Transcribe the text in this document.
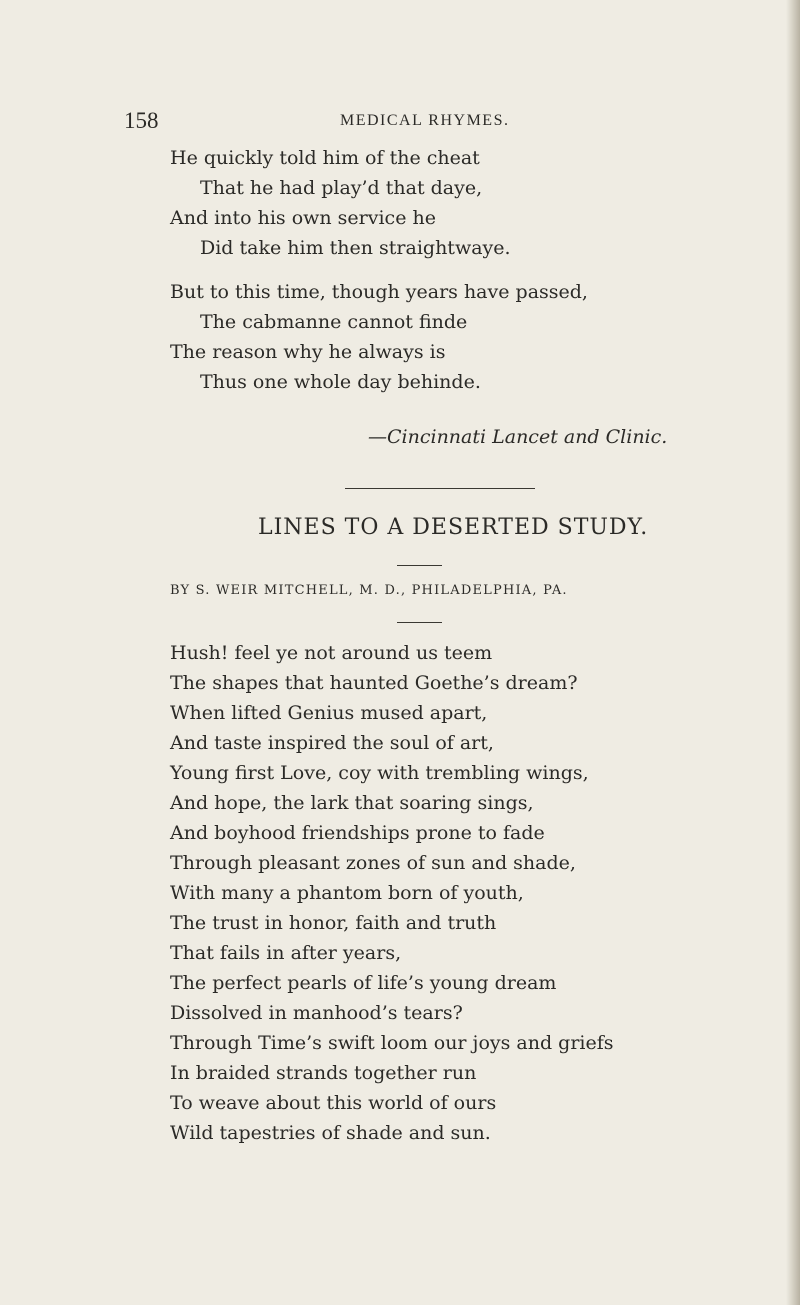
158	MEDICAL RHYMES.
He quickly told him of the cheat
That he had play’d that daye,
And into his own service he
Did take him then straightwaye.
But to this time, though years have passed,
The cabmanne cannot finde
The reason why he always is
Thus one whole day behinde.
—Cincinnati Lancet and Clinic.
LINES TO A DESERTED STUDY.
BY S. WEIR MITCHELL, M. D., PHILADELPHIA, PA.
Hush! feel ye not around us teem
The shapes that haunted Goethe’s dream?
When lifted Genius mused apart,
And taste inspired the soul of art,
Young first Love, coy with trembling wings,
And hope, the lark that soaring sings,
And boyhood friendships prone to fade
Through pleasant zones of sun and shade,
With many a phantom born of youth,
The trust in honor, faith and truth
That fails in after years,
The perfect pearls of life’s young dream
Dissolved in manhood’s tears?
Through Time’s swift loom our joys and griefs
In braided strands together run
To weave about this world of ours
Wild tapestries of shade and sun.
